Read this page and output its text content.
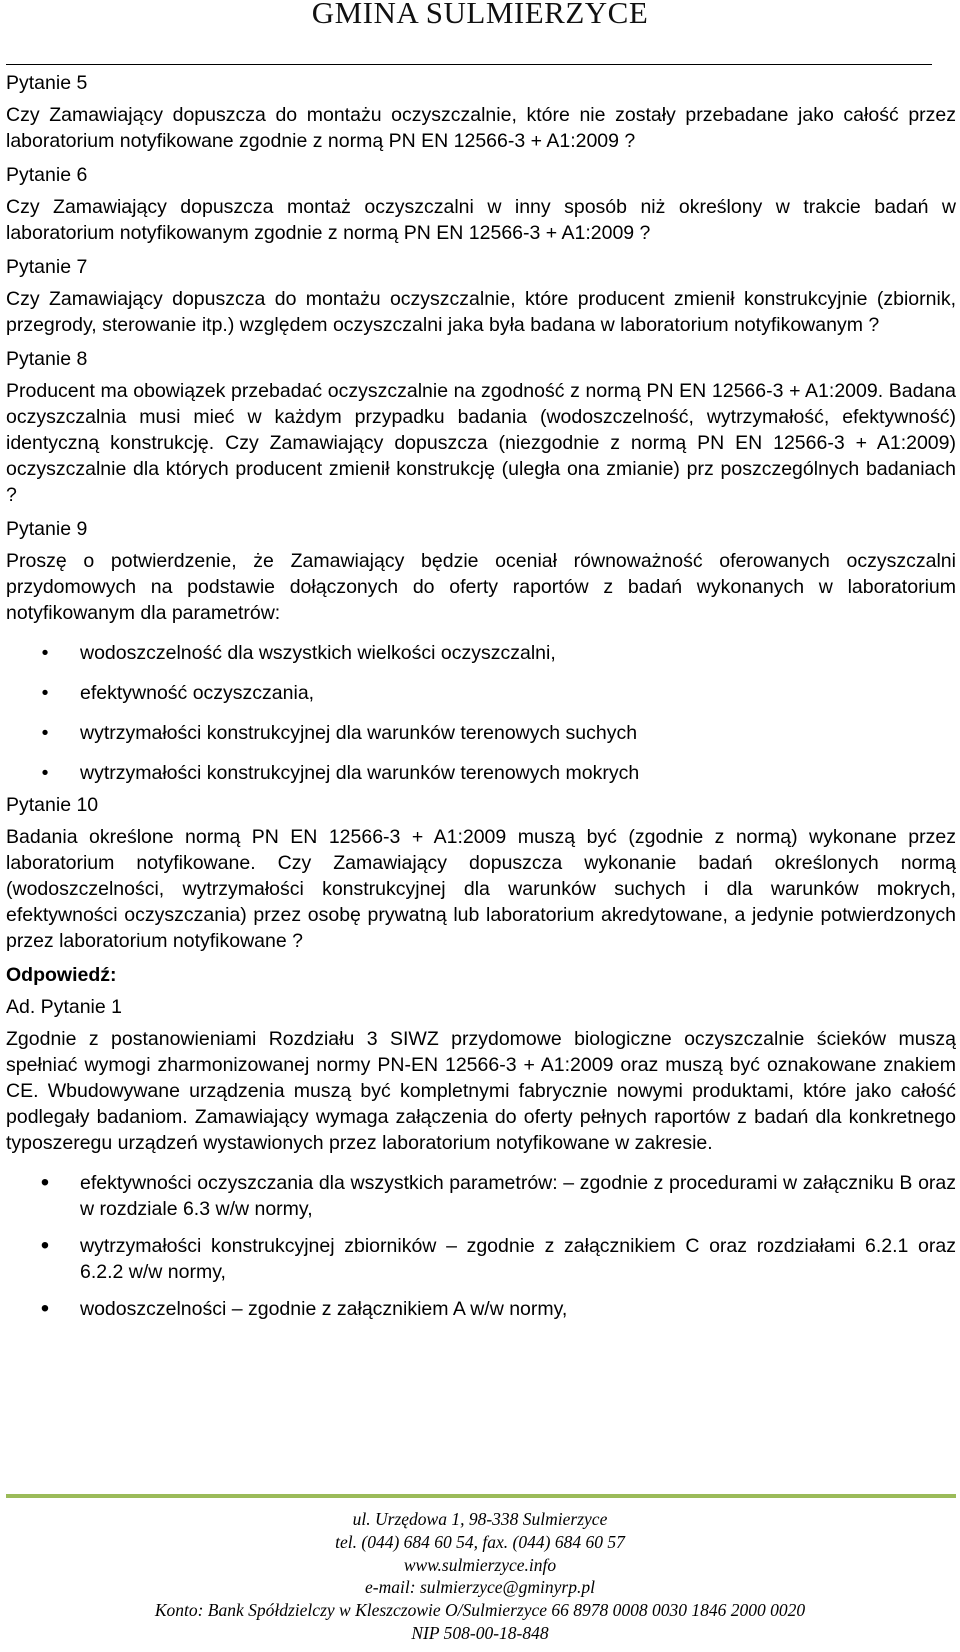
GMINA SULMIERZYCE

Pytanie 5

Czy Zamawiający dopuszcza do montażu oczyszczalnie, które nie zostały przebadane jako całość przez laboratorium notyfikowane zgodnie z normą PN EN 12566-3 + A1:2009 ?

Pytanie 6

Czy Zamawiający dopuszcza montaż oczyszczalni w inny sposób niż określony w trakcie badań w laboratorium notyfikowanym zgodnie z normą PN EN 12566-3 + A1:2009 ?

Pytanie 7

Czy Zamawiający dopuszcza do montażu oczyszczalnie, które producent zmienił konstrukcyjnie (zbiornik, przegrody, sterowanie itp.) względem oczyszczalni jaka była badana w laboratorium notyfikowanym ?

Pytanie 8

Producent ma obowiązek przebadać oczyszczalnie na zgodność z normą PN EN 12566-3 + A1:2009. Badana oczyszczalnia musi mieć w każdym przypadku badania (wodoszczelność, wytrzymałość, efektywność) identyczną konstrukcję. Czy Zamawiający dopuszcza (niezgodnie z normą PN EN 12566-3 + A1:2009) oczyszczalnie dla których producent zmienił konstrukcję (uległa ona zmianie) prz poszczególnych badaniach ?

Pytanie 9

Proszę o potwierdzenie, że Zamawiający będzie oceniał równoważność oferowanych oczyszczalni przydomowych na podstawie dołączonych do oferty raportów z badań wykonanych w laboratorium notyfikowanym dla parametrów:

• wodoszczelność dla wszystkich wielkości oczyszczalni,
• efektywność oczyszczania,
• wytrzymałości konstrukcyjnej dla warunków terenowych suchych
• wytrzymałości konstrukcyjnej dla warunków terenowych mokrych

Pytanie 10

Badania określone normą PN EN 12566-3 + A1:2009 muszą być (zgodnie z normą) wykonane przez laboratorium notyfikowane. Czy Zamawiający dopuszcza wykonanie badań określonych normą (wodoszczelności, wytrzymałości konstrukcyjnej dla warunków suchych i dla warunków mokrych, efektywności oczyszczania) przez osobę prywatną lub laboratorium akredytowane, a jedynie potwierdzonych przez laboratorium notyfikowane ?

Odpowiedź:

Ad. Pytanie 1

Zgodnie z postanowieniami Rozdziału 3 SIWZ przydomowe biologiczne oczyszczalnie ścieków muszą spełniać wymogi zharmonizowanej normy PN-EN 12566-3 + A1:2009 oraz muszą być oznakowane znakiem CE. Wbudowywane urządzenia muszą być kompletnymi fabrycznie nowymi produktami, które jako całość podlegały badaniom. Zamawiający wymaga załączenia do oferty pełnych raportów z badań dla konkretnego typoszeregu urządzeń wystawionych przez laboratorium notyfikowane w zakresie.

• efektywności oczyszczania dla wszystkich parametrów: – zgodnie z procedurami w załączniku B oraz w rozdziale 6.3 w/w normy,
• wytrzymałości konstrukcyjnej zbiorników – zgodnie z załącznikiem C oraz rozdziałami 6.2.1 oraz 6.2.2 w/w normy,
• wodoszczelności – zgodnie z załącznikiem A w/w normy,
ul. Urzędowa 1, 98-338 Sulmierzyce
tel. (044) 684 60 54, fax. (044) 684 60 57
www.sulmierzyce.info
e-mail: sulmierzyce@gminyrp.pl
Konto: Bank Spółdzielczy w Kleszczowie O/Sulmierzyce 66 8978 0008 0030 1846 2000 0020
NIP 508-00-18-848
